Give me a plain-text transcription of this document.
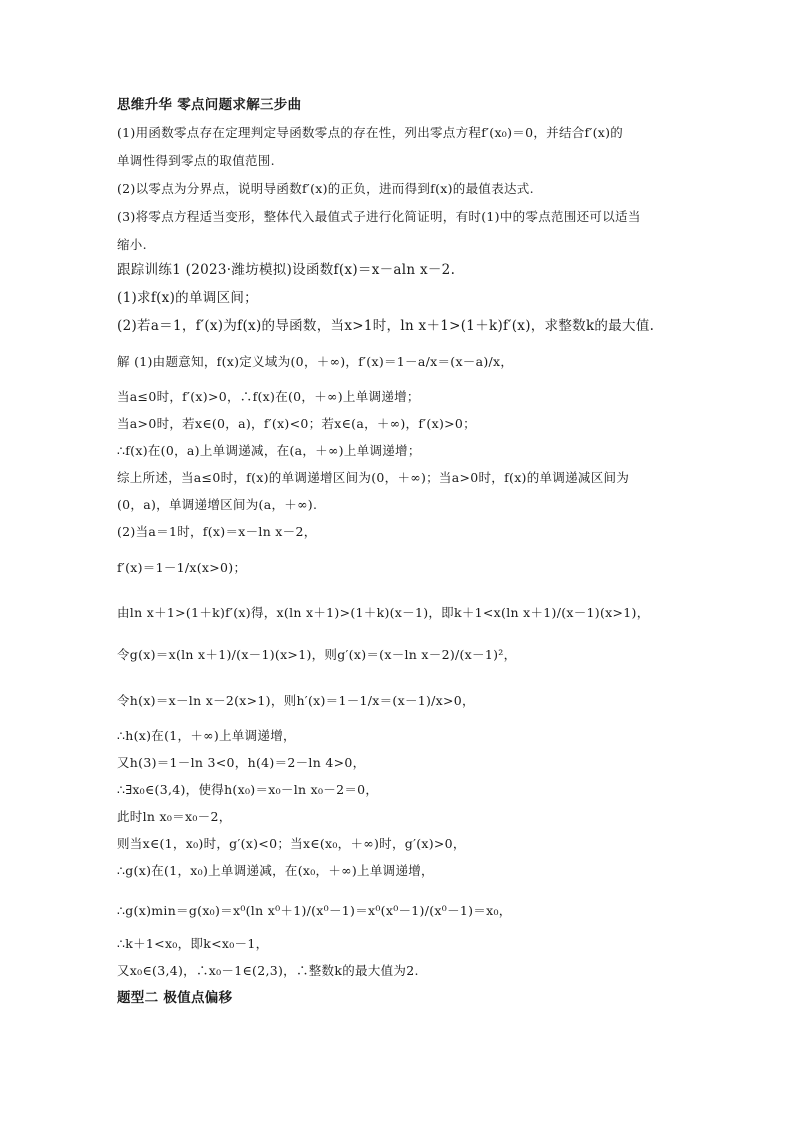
思维升华 零点问题求解三步曲
(1)用函数零点存在定理判定导函数零点的存在性，列出零点方程f′(x₀)＝0，并结合f′(x)的
单调性得到零点的取值范围.
(2)以零点为分界点，说明导函数f′(x)的正负，进而得到f(x)的最值表达式.
(3)将零点方程适当变形，整体代入最值式子进行化简证明，有时(1)中的零点范围还可以适当
缩小.
跟踪训练1 (2023·潍坊模拟)设函数f(x)＝x－aln x－2.
(1)求f(x)的单调区间；
(2)若a＝1，f′(x)为f(x)的导函数，当x>1时，ln x＋1>(1＋k)f′(x)，求整数k的最大值.
解 (1)由题意知，f(x)定义域为(0，＋∞)，f′(x)＝1－a/x＝(x－a)/x，
当a≤0时，f′(x)>0，∴f(x)在(0，＋∞)上单调递增；
当a>0时，若x∈(0，a)，f′(x)<0；若x∈(a，＋∞)，f′(x)>0；
∴f(x)在(0，a)上单调递减，在(a，＋∞)上单调递增；
综上所述，当a≤0时，f(x)的单调递增区间为(0，＋∞)；当a>0时，f(x)的单调递减区间为
(0，a)，单调递增区间为(a，＋∞).
(2)当a＝1时，f(x)＝x－ln x－2，
f′(x)＝1－1/x(x>0)；
由ln x＋1>(1＋k)f′(x)得，x(ln x＋1)>(1＋k)(x－1)，即k＋1<x(ln x＋1)/(x－1)(x>1)，
令g(x)＝x(ln x＋1)/(x－1)(x>1)，则g′(x)＝(x－ln x－2)/(x－1)²，
令h(x)＝x－ln x－2(x>1)，则h′(x)＝1－1/x＝(x－1)/x>0，
∴h(x)在(1，＋∞)上单调递增，
又h(3)＝1－ln 3<0，h(4)＝2－ln 4>0，
∴∃x₀∈(3,4)，使得h(x₀)＝x₀－ln x₀－2＝0，
此时ln x₀＝x₀－2，
则当x∈(1，x₀)时，g′(x)<0；当x∈(x₀，＋∞)时，g′(x)>0，
∴g(x)在(1，x₀)上单调递减，在(x₀，＋∞)上单调递增，
∴g(x)min＝g(x₀)＝x⁰(ln x⁰＋1)/(x⁰－1)＝x⁰(x⁰－1)/(x⁰－1)＝x₀，
∴k＋1<x₀，即k<x₀－1，
又x₀∈(3,4)，∴x₀－1∈(2,3)，∴整数k的最大值为2.
题型二 极值点偏移
